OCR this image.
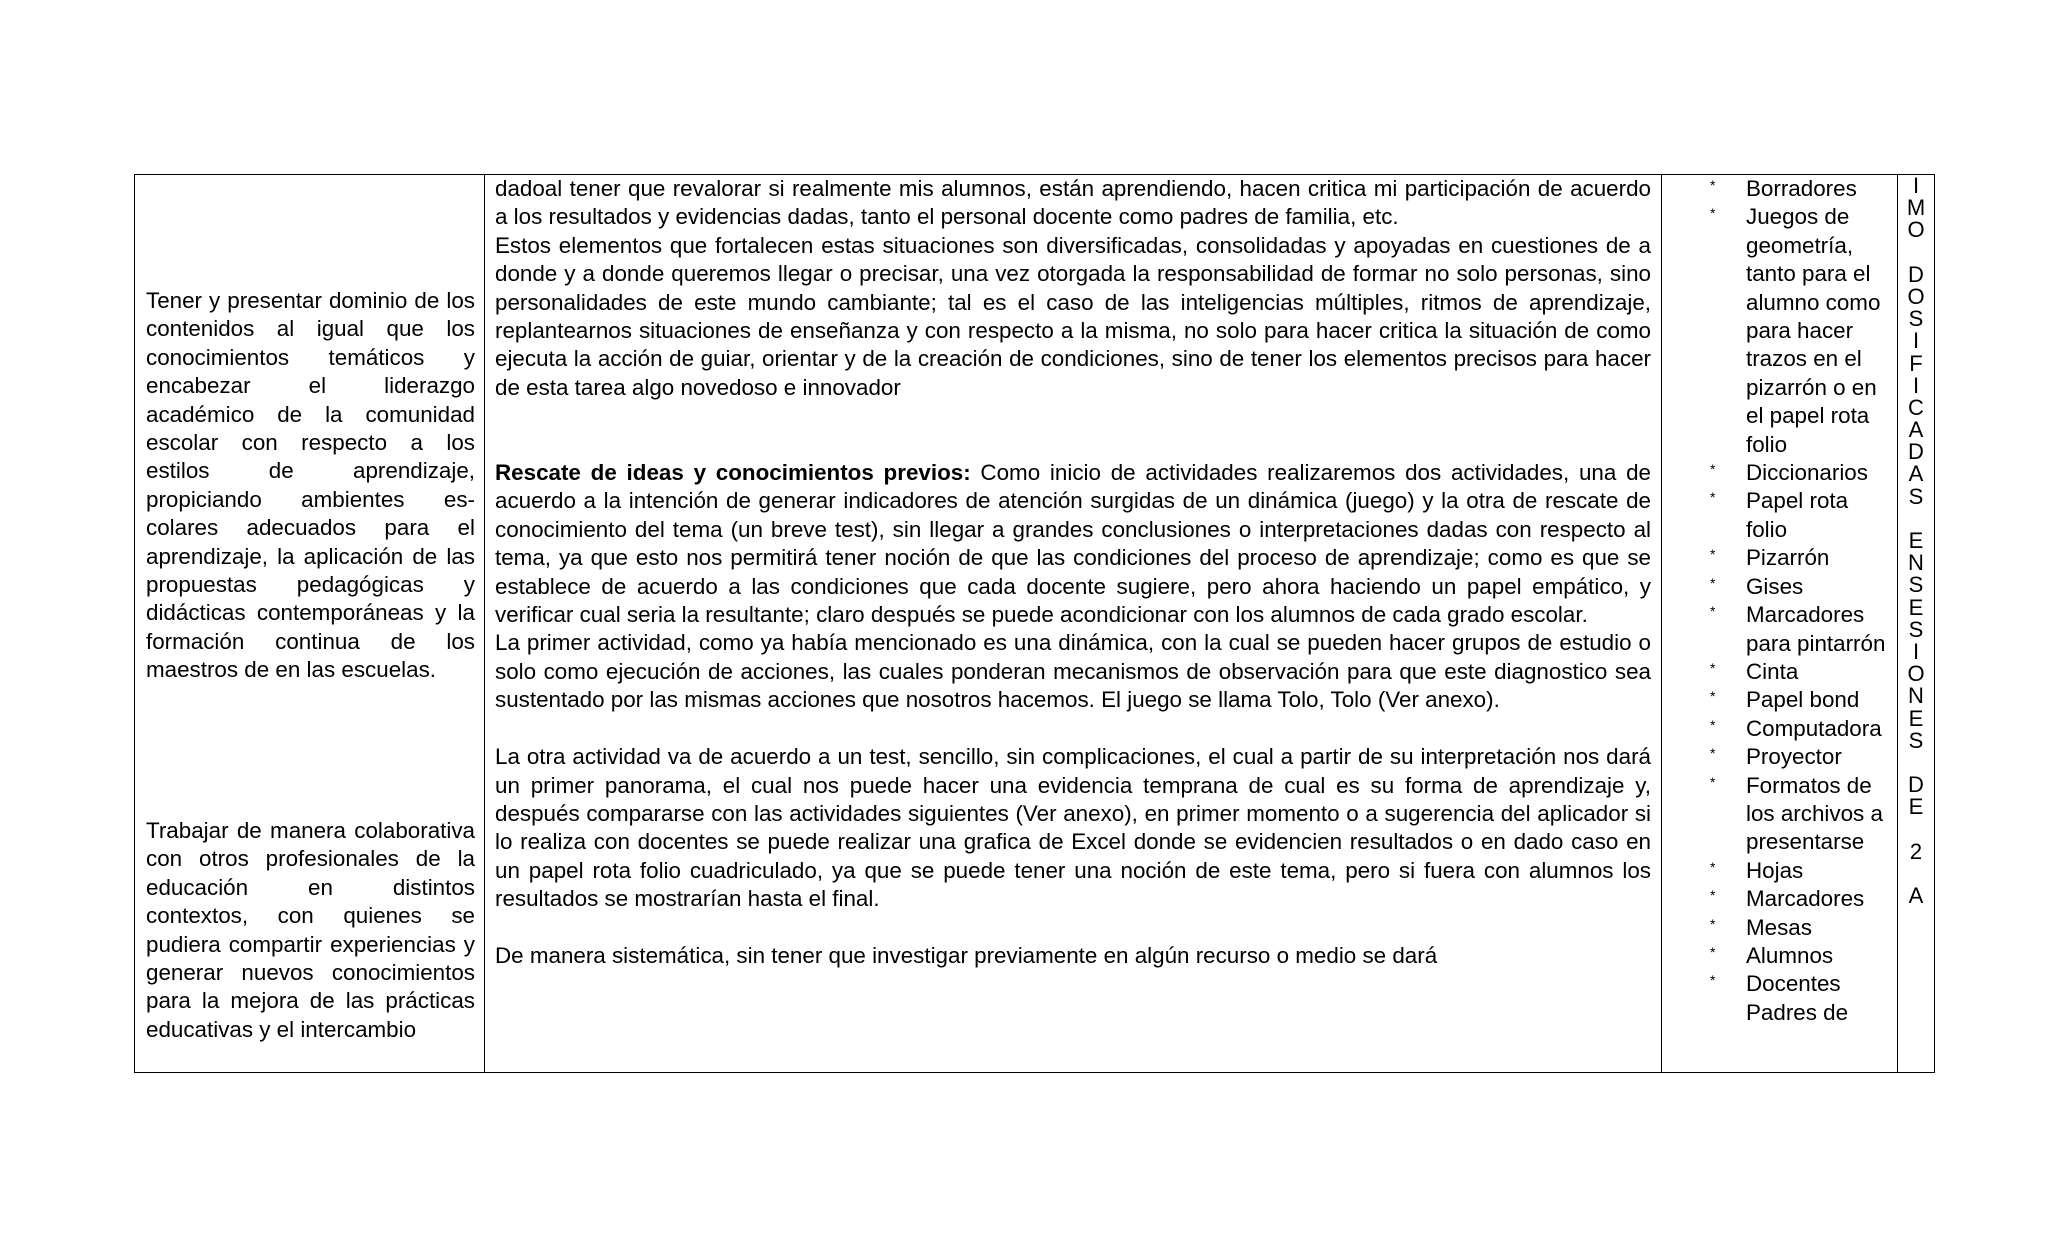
Tener y presentar dominio de los contenidos al igual que los conocimientos temáticos y encabezar el liderazgo académico de la comunidad escolar con respecto a los estilos de aprendizaje, propiciando ambientes es-colares adecuados para el aprendizaje, la aplicación de las propuestas pedagógicas y didácticas contemporáneas y la formación continua de los maestros de en las escuelas.
Trabajar de manera colaborativa con otros profesionales de la educación en distintos contextos, con quienes se pudiera compartir experiencias y generar nuevos conocimientos para la mejora de las prácticas educativas y el intercambio

dadoal tener que revalorar si realmente mis alumnos, están aprendiendo, hacen critica mi participación de acuerdo a los resultados y evidencias dadas, tanto el personal docente como padres de familia, etc.

Estos elementos que fortalecen estas situaciones son diversificadas, consolidadas y apoyadas en cuestiones de a donde y a donde queremos llegar o precisar, una vez otorgada la responsabilidad de formar no solo personas, sino personalidades de este mundo cambiante; tal es el caso de las inteligencias múltiples, ritmos de aprendizaje, replantearnos situaciones de enseñanza y con respecto a la misma, no solo para hacer critica la situación de como ejecuta la acción de guiar, orientar y de la creación de condiciones, sino de tener los elementos precisos para hacer de esta tarea algo novedoso e innovador

Rescate de ideas y conocimientos previos: Como inicio de actividades realizaremos dos actividades, una de acuerdo a la intención de generar indicadores de atención surgidas de un dinámica (juego) y la otra de rescate de conocimiento del tema (un breve test), sin llegar a grandes conclusiones o interpretaciones dadas con respecto al tema, ya que esto nos permitirá tener noción de que las condiciones del proceso de aprendizaje; como es que se establece de acuerdo a las condiciones que cada docente sugiere, pero ahora haciendo un papel empático, y verificar cual seria la resultante; claro después se puede acondicionar con los alumnos de cada grado escolar.

La primer actividad, como ya había mencionado es una dinámica, con la cual se pueden hacer grupos de estudio o solo como ejecución de acciones, las cuales ponderan mecanismos de observación para que este diagnostico sea sustentado por las mismas acciones que nosotros hacemos. El juego se llama Tolo, Tolo (Ver anexo).

La otra actividad va de acuerdo a un test, sencillo, sin complicaciones, el cual a partir de su interpretación nos dará un primer panorama, el cual nos puede hacer una evidencia temprana de cual es su forma de aprendizaje y, después compararse con las actividades siguientes (Ver anexo), en primer momento o a sugerencia del aplicador si lo realiza con docentes se puede realizar una grafica de Excel donde se evidencien resultados o en dado caso en un papel rota folio cuadriculado, ya que se puede tener una noción de este tema, pero si fuera con alumnos los resultados se mostrarían hasta el final.

De manera sistemática, sin tener que investigar previamente en algún recurso o medio se dará

* Borradores
* Juegos de geometría, tanto para el alumno como para hacer trazos en el pizarrón o en el papel rota folio
* Diccionarios
* Papel rota folio
* Pizarrón
* Gises
* Marcadores para pintarrón
* Cinta
* Papel bond
* Computadora
* Proyector
* Formatos de los archivos a presentarse
* Hojas
* Marcadores
* Mesas
* Alumnos
* Docentes Padres de
I
M
O
D
O
S
I
F
I
C
A
D
A
S
E
N
S
E
S
I
O
N
E
S
D
E
2
A
